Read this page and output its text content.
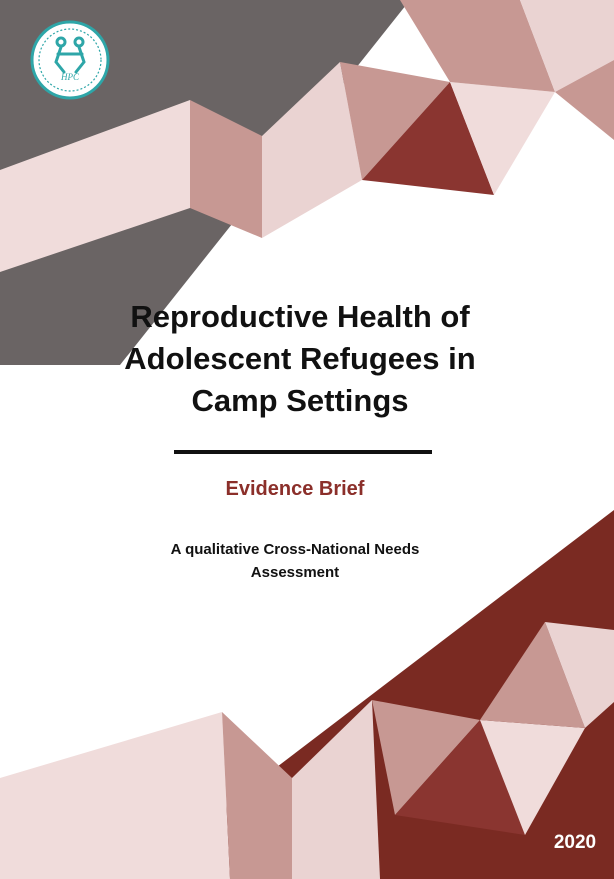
HPC
Reproductive Health of Adolescent Refugees in Camp Settings
Evidence Brief
A qualitative Cross-National Needs Assessment
2020
